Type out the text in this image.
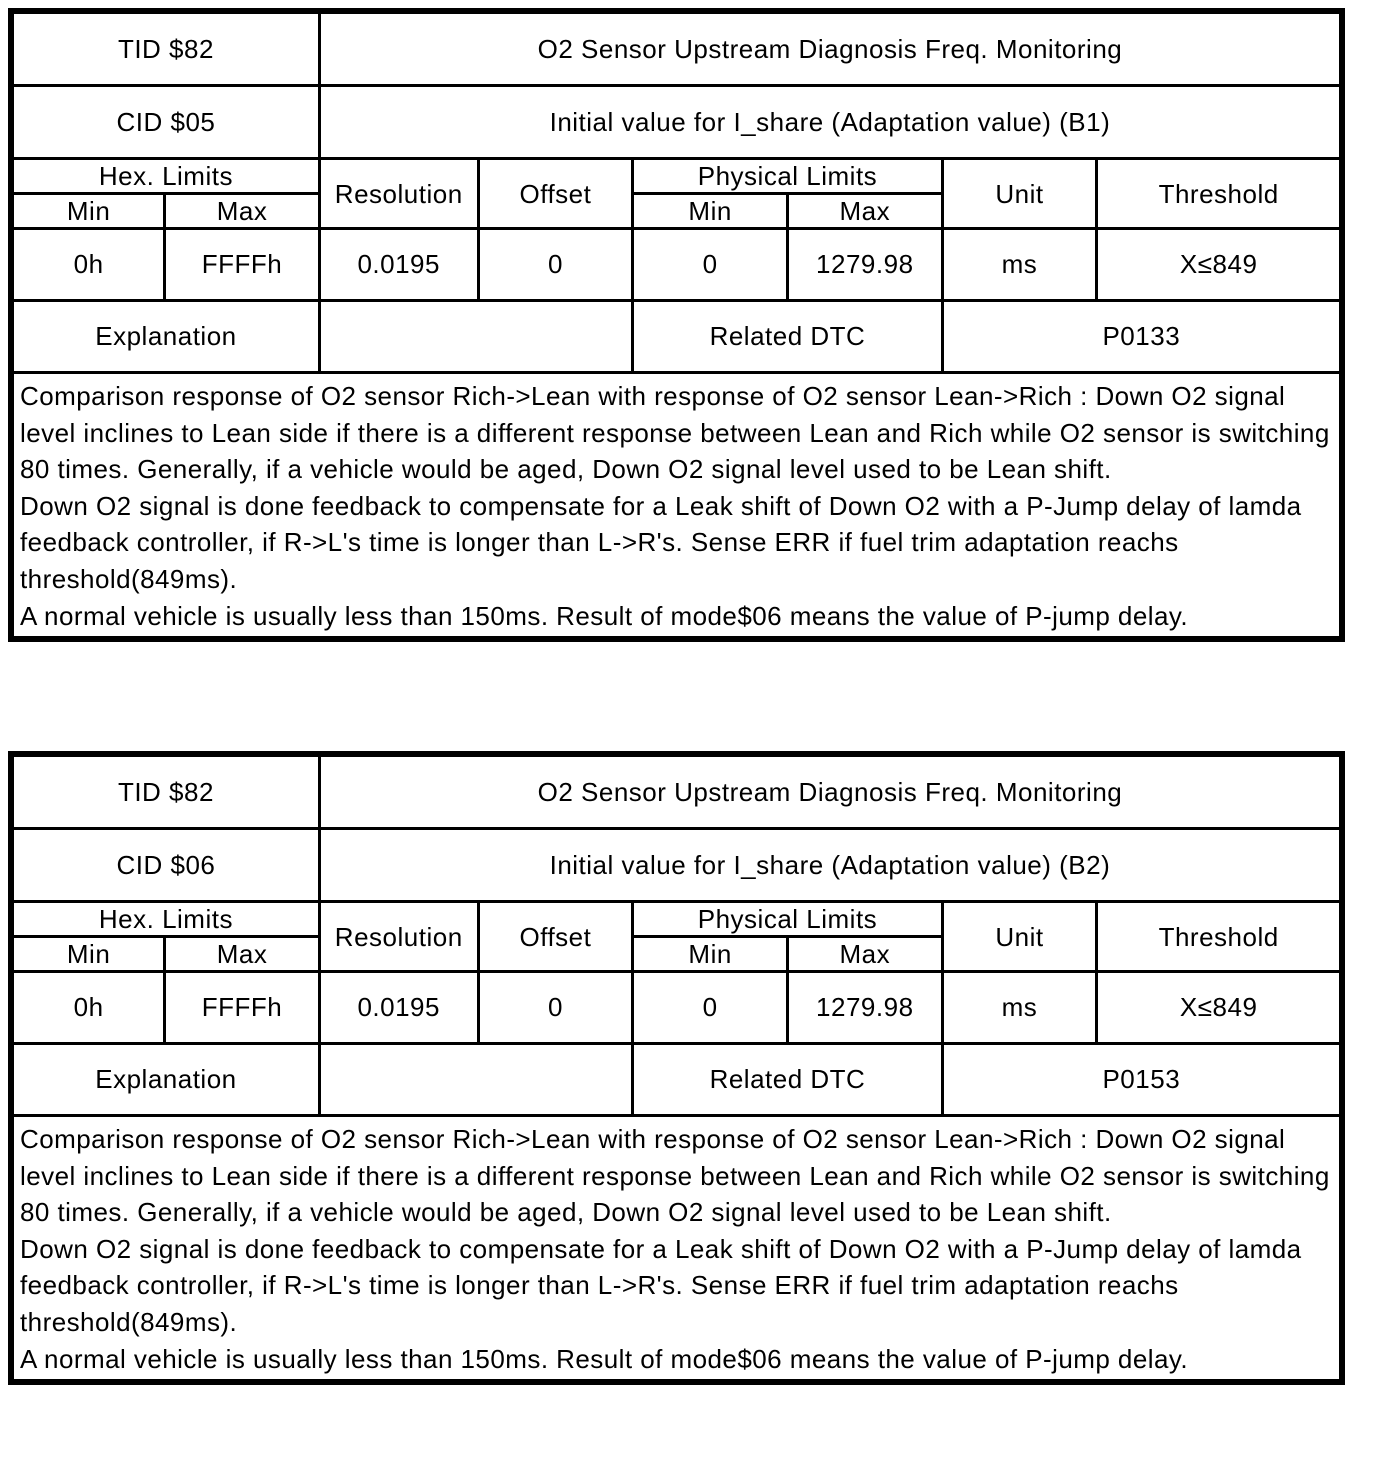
TID $82		O2 Sensor Upstream Diagnosis Freq. Monitoring					
CID $05		Initial value for I_share (Adaptation value) (B1)					
Hex. Limits		Resolution	Offset	Physical Limits		Unit	Threshold
Min	Max			Min	Max		
0h	FFFFh	0.0195	0	0	1279.98	ms	X≤849
Explanation				Related DTC		P0133	

Comparison response of O2 sensor Rich->Lean with response of O2 sensor Lean->Rich : Down O2 signal level inclines to Lean side if there is a different response between Lean and Rich while O2 sensor is switching 80 times. Generally, if a vehicle would be aged, Down O2 signal level used to be Lean shift.

Down O2 signal is done feedback to compensate for a Leak shift of Down O2 with a P-Jump delay of lamda feedback controller, if R->L's time is longer than L->R's. Sense ERR if fuel trim adaptation reachs threshold(849ms).

A normal vehicle is usually less than 150ms. Result of mode$06 means the value of P-jump delay.							

TID $82		O2 Sensor Upstream Diagnosis Freq. Monitoring					
CID $06		Initial value for I_share (Adaptation value) (B2)					
Hex. Limits		Resolution	Offset	Physical Limits		Unit	Threshold
Min	Max			Min	Max		
0h	FFFFh	0.0195	0	0	1279.98	ms	X≤849
Explanation				Related DTC		P0153	

Comparison response of O2 sensor Rich->Lean with response of O2 sensor Lean->Rich : Down O2 signal level inclines to Lean side if there is a different response between Lean and Rich while O2 sensor is switching 80 times. Generally, if a vehicle would be aged, Down O2 signal level used to be Lean shift.

Down O2 signal is done feedback to compensate for a Leak shift of Down O2 with a P-Jump delay of lamda feedback controller, if R->L's time is longer than L->R's. Sense ERR if fuel trim adaptation reachs threshold(849ms).

A normal vehicle is usually less than 150ms. Result of mode$06 means the value of P-jump delay.							
